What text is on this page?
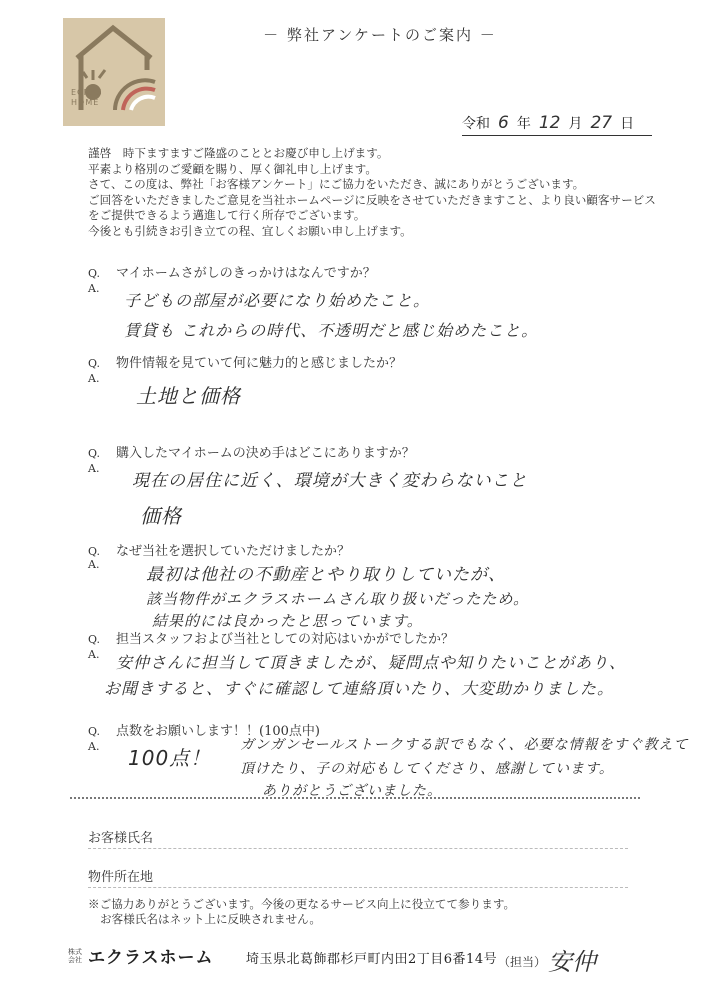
ECRAS
HOME
－ 弊社アンケートのご案内 －
令和 6 年 12 月 27 日
謹啓　時下ますますご隆盛のこととお慶び申し上げます。
平素より格別のご愛顧を賜り、厚く御礼申し上げます。
さて、この度は、弊社「お客様アンケート」にご協力をいただき、誠にありがとうございます。
ご回答をいただきましたご意見を当社ホームページに反映をさせていただきますこと、より良い顧客サービス
をご提供できるよう邁進して行く所存でございます。
今後とも引続きお引き立ての程、宜しくお願い申し上げます。
Q. マイホームさがしのきっかけはなんですか？
A.
子どもの部屋が必要になり始めたこと。
賃貸も これからの時代、不透明だと感じ始めたこと。
Q. 物件情報を見ていて何に魅力的と感じましたか？
A.
土地と価格
Q. 購入したマイホームの決め手はどこにありますか？
A.
現在の居住に近く、環境が大きく変わらないこと
価格
Q. なぜ当社を選択していただけましたか？
A.
最初は他社の不動産とやり取りしていたが、
該当物件がエクラスホームさん取り扱いだったため。
結果的には良かったと思っています。
Q. 担当スタッフおよび当社としての対応はいかがでしたか？
A. 安仲さんに担当して頂きましたが、疑問点や知りたいことがあり、
お聞きすると、すぐに確認して連絡頂いたり、大変助かりました。
Q. 点数をお願いします！！(100点中)
A. 100点！
ガンガンセールストークする訳でもなく、必要な情報をすぐ教えて
頂けたり、子の対応もしてくださり、感謝しています。
ありがとうございました。
お客様氏名
物件所在地
※ご協力ありがとうございます。今後の更なるサービス向上に役立てて参ります。
お客様氏名はネット上に反映されません。
株式会社 エクラスホーム	埼玉県北葛飾郡杉戸町内田2丁目6番14号 （担当） 安仲
